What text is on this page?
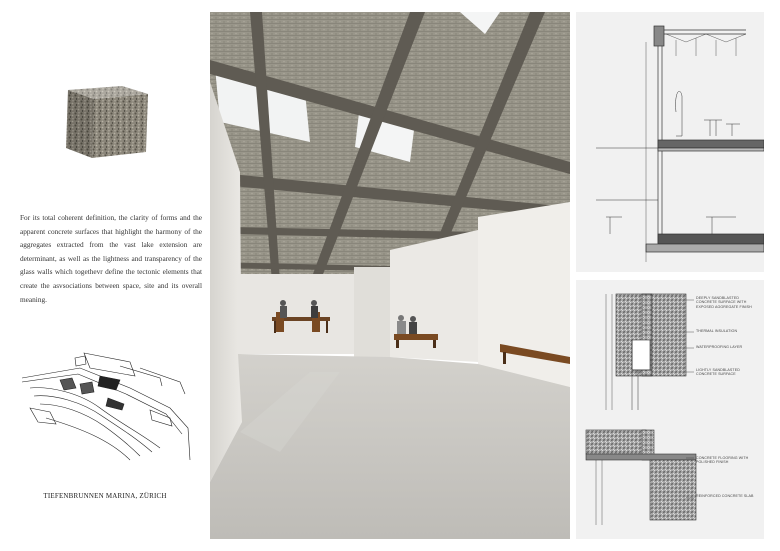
For its total coherent definition, the clarity of forms and the apparent concrete surfaces that highlight the harmony of the aggregates extracted from the vast lake extension are determinant, as well as the lightness and transparency of the glass walls which togethevr define the tectonic elements that create the asvsociations between space, site and its overall meaning.

TIEFENBRUNNEN MARINA, ZÜRICH
DEEPLY SANDBLASTED CONCRETE SURFACE WITH EXPOSED AGGREGATE FINISH
THERMAL INSULATION
WATERPROOFING LAYER
LIGHTLY SANDBLASTED CONCRETE SURFACE
CONCRETE FLOORING WITH POLISHED FINISH
REINFORCED CONCRETE SLAB
